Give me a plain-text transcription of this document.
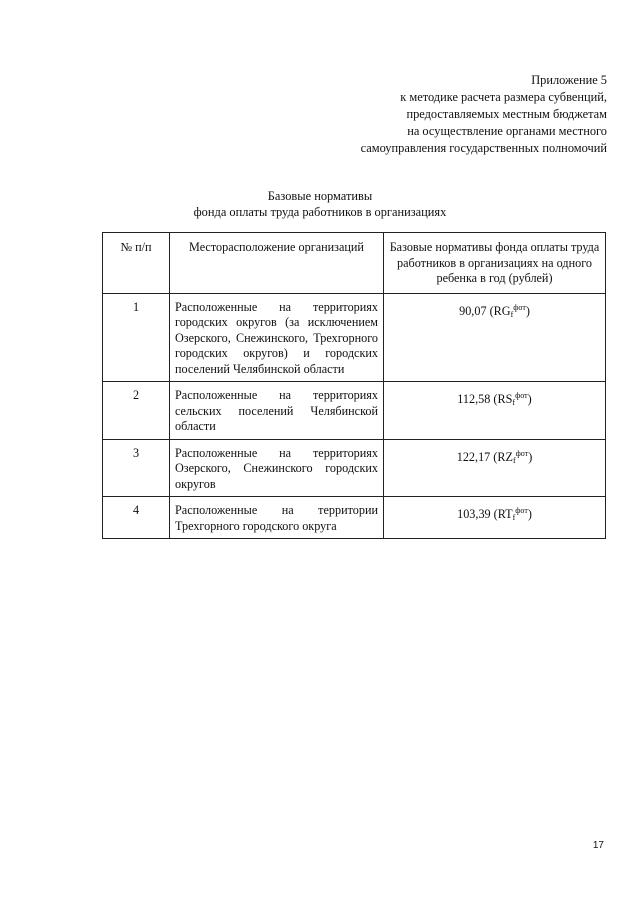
Приложение 5
к методике расчета размера субвенций,
предоставляемых местным бюджетам
на осуществление органами местного
самоуправления государственных полномочий
Базовые нормативы
фонда оплаты труда работников в организациях
№ п/п	Месторасположение организаций	Базовые нормативы фонда оплаты труда работников в организациях на одного ребенка в год (рублей)
1	Расположенные на территориях городских округов (за исключением Озерского, Снежинского, Трехгорного городских округов) и городских поселений Челябинской области	90,07 $(RG_f^{фот})$
2	Расположенные на территориях сельских поселений Челябинской области	112,58 $(RS_f^{фот})$
3	Расположенные на территориях Озерского, Снежинского городских округов	122,17 $(RZ_f^{фот})$
4	Расположенные на территории Трехгорного городского округа	103,39 $(RT_f^{фот})$
17
